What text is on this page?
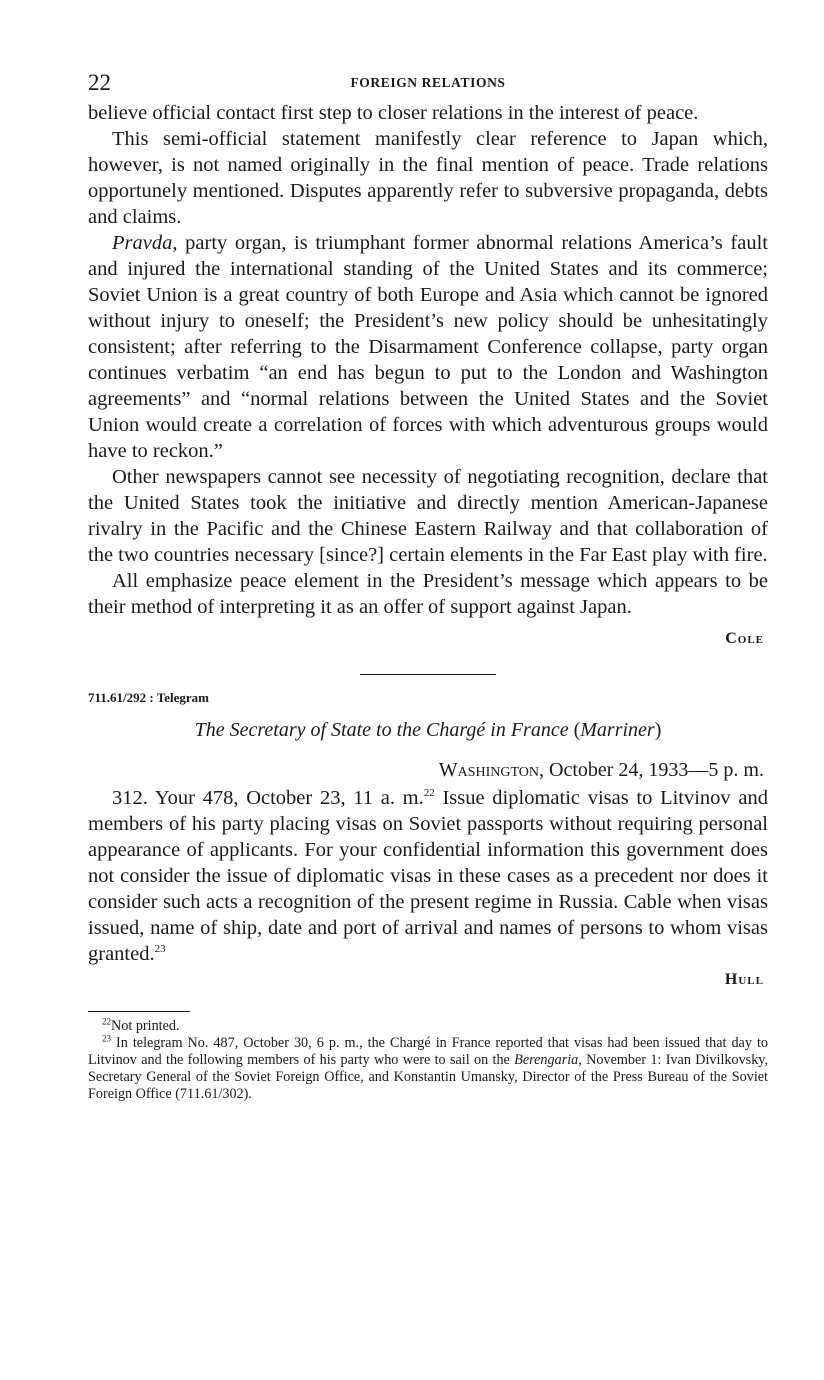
22	FOREIGN RELATIONS

believe official contact first step to closer relations in the interest of peace.

This semi-official statement manifestly clear reference to Japan which, however, is not named originally in the final mention of peace. Trade relations opportunely mentioned. Disputes apparently refer to subversive propaganda, debts and claims.

Pravda, party organ, is triumphant former abnormal relations America’s fault and injured the international standing of the United States and its commerce; Soviet Union is a great country of both Europe and Asia which cannot be ignored without injury to oneself; the President’s new policy should be unhesitatingly consistent; after referring to the Disarmament Conference collapse, party organ continues verbatim “an end has begun to put to the London and Washington agreements” and “normal relations between the United States and the Soviet Union would create a correlation of forces with which adventurous groups would have to reckon.”

Other newspapers cannot see necessity of negotiating recognition, declare that the United States took the initiative and directly mention American-Japanese rivalry in the Pacific and the Chinese Eastern Railway and that collaboration of the two countries necessary [since?] certain elements in the Far East play with fire.

All emphasize peace element in the President’s message which appears to be their method of interpreting it as an offer of support against Japan.

Cole
711.61/292 : Telegram
The Secretary of State to the Chargé in France (Marriner)
Washington, October 24, 1933—5 p. m.

312. Your 478, October 23, 11 a. m.$^{22}$ Issue diplomatic visas to Litvinov and members of his party placing visas on Soviet passports without requiring personal appearance of applicants. For your confidential information this government does not consider the issue of diplomatic visas in these cases as a precedent nor does it consider such acts a recognition of the present regime in Russia. Cable when visas issued, name of ship, date and port of arrival and names of persons to whom visas granted.$^{23}$

Hull

$^{22}$Not printed.

$^{23}$ In telegram No. 487, October 30, 6 p. m., the Chargé in France reported that visas had been issued that day to Litvinov and the following members of his party who were to sail on the Berengaria, November 1: Ivan Divilkovsky, Secretary General of the Soviet Foreign Office, and Konstantin Umansky, Director of the Press Bureau of the Soviet Foreign Office (711.61/302).
